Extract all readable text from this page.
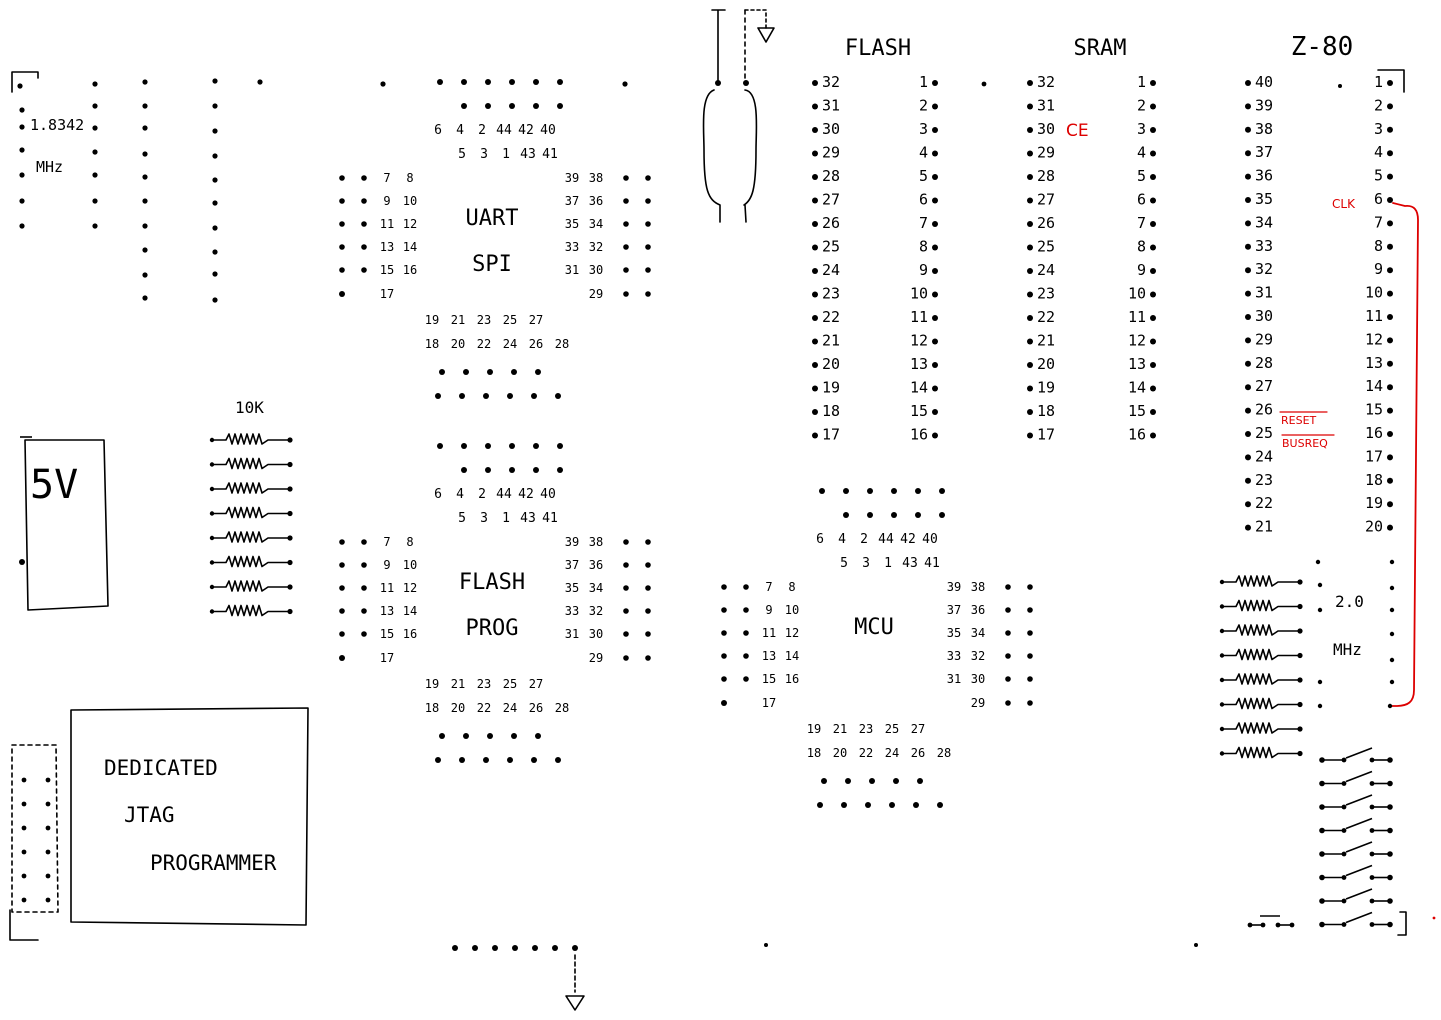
1.8342
MHz
5V
10K
DEDICATED
JTAG
PROGRAMMER
6 4 2 44 42 40
5 3 1 43 41
7 8
9 10
11 12
13 14
15 16
17
39 38
37 36
35 34
33 32
31 30
29
19 21 23 25 27
18 20 22 24 26 28
UART
SPI
6 4 2 44 42 40
5 3 1 43 41
7 8
9 10
11 12
13 14
15 16
17
39 38
37 36
35 34
33 32
31 30
29
19 21 23 25 27
18 20 22 24 26 28
FLASH
PROG
6 4 2 44 42 40
5 3 1 43 41
7 8
9 10
11 12
13 14
15 16
17
39 38
37 36
35 34
33 32
31 30
29
19 21 23 25 27
18 20 22 24 26 28
MCU
32
31
30
29
28
27
26
25
24
23
22
21
20
19
18
17
1
2
3
4
5
6
7
8
9
10
11
12
13
14
15
16
32
31
30
29
28
27
26
25
24
23
22
21
20
19
18
17
1
2
3
4
5
6
7
8
9
10
11
12
13
14
15
16
40
39
38
37
36
35
34
33
32
31
30
29
28
27
26
25
24
23
22
21
1
2
3
4
5
6
7
8
9
10
11
12
13
14
15
16
17
18
19
20
FLASH	SRAM	Z-80
CE
CLK
RESET
BUSREQ
2.0
MHz
